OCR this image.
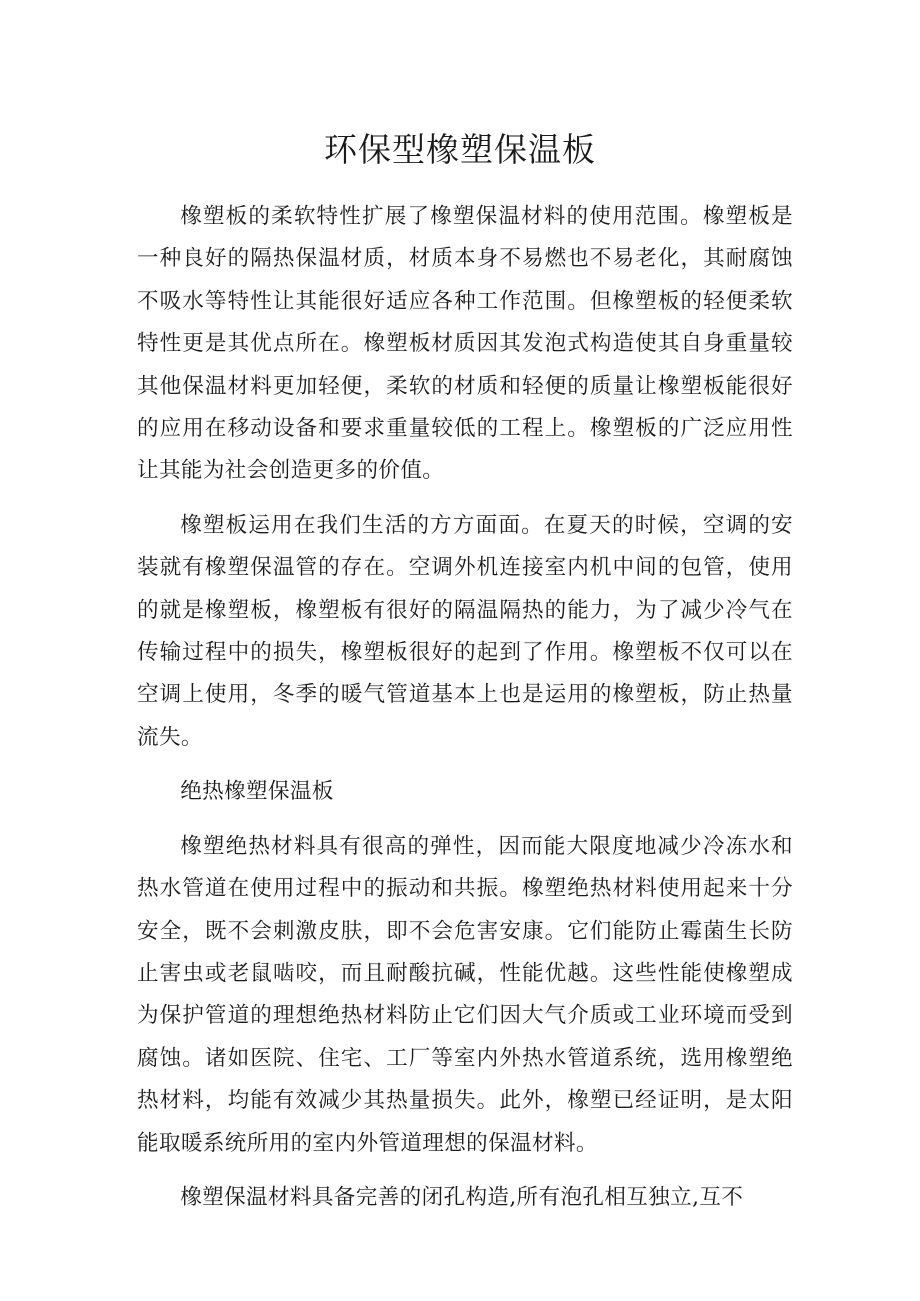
环保型橡塑保温板

橡塑板的柔软特性扩展了橡塑保温材料的使用范围。橡塑板是一种良好的隔热保温材质，材质本身不易燃也不易老化，其耐腐蚀不吸水等特性让其能很好适应各种工作范围。但橡塑板的轻便柔软特性更是其优点所在。橡塑板材质因其发泡式构造使其自身重量较其他保温材料更加轻便，柔软的材质和轻便的质量让橡塑板能很好的应用在移动设备和要求重量较低的工程上。橡塑板的广泛应用性让其能为社会创造更多的价值。

橡塑板运用在我们生活的方方面面。在夏天的时候，空调的安装就有橡塑保温管的存在。空调外机连接室内机中间的包管，使用的就是橡塑板，橡塑板有很好的隔温隔热的能力，为了减少冷气在传输过程中的损失，橡塑板很好的起到了作用。橡塑板不仅可以在空调上使用，冬季的暖气管道基本上也是运用的橡塑板，防止热量流失。

绝热橡塑保温板

橡塑绝热材料具有很高的弹性，因而能大限度地减少冷冻水和热水管道在使用过程中的振动和共振。橡塑绝热材料使用起来十分安全，既不会刺激皮肤，即不会危害安康。它们能防止霉菌生长防止害虫或老鼠啮咬，而且耐酸抗碱，性能优越。这些性能使橡塑成为保护管道的理想绝热材料防止它们因大气介质或工业环境而受到腐蚀。诸如医院、住宅、工厂等室内外热水管道系统，选用橡塑绝热材料，均能有效减少其热量损失。此外，橡塑已经证明，是太阳能取暖系统所用的室内外管道理想的保温材料。

橡塑保温材料具备完善的闭孔构造,所有泡孔相互独立,互不
